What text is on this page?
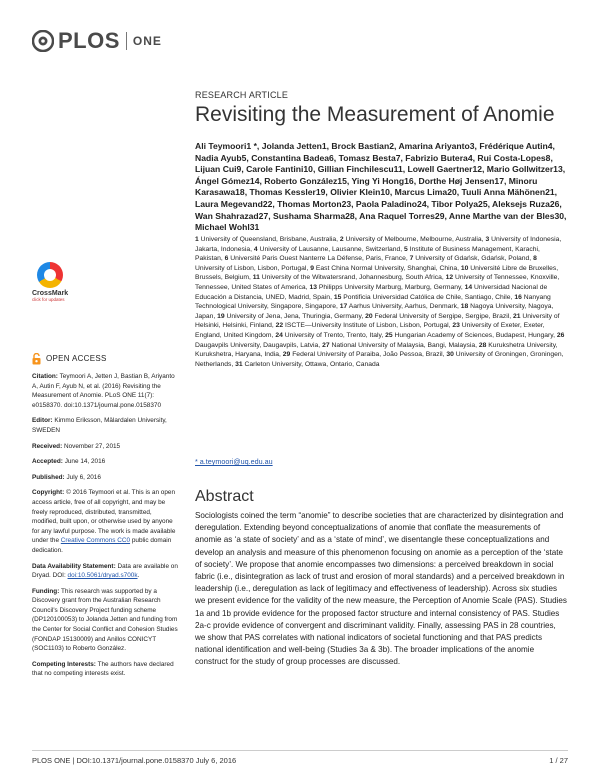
PLOS ONE
CrossMark
click for updates
OPEN ACCESS

Citation: Teymoori A, Jetten J, Bastian B, Ariyanto A, Autin F, Ayub N, et al. (2016) Revisiting the Measurement of Anomie. PLoS ONE 11(7): e0158370. doi:10.1371/journal.pone.0158370

Editor: Kimmo Eriksson, Mälardalen University, SWEDEN

Received: November 27, 2015

Accepted: June 14, 2016

Published: July 6, 2016

Copyright: © 2016 Teymoori et al. This is an open access article, free of all copyright, and may be freely reproduced, distributed, transmitted, modified, built upon, or otherwise used by anyone for any lawful purpose. The work is made available under the Creative Commons CC0 public domain dedication.

Data Availability Statement: Data are available on Dryad. DOI: doi:10.5061/dryad.s700k.

Funding: This research was supported by a Discovery grant from the Australian Research Council's Discovery Project funding scheme (DP120100053) to Jolanda Jetten and funding from the Center for Social Conflict and Cohesion Studies (FONDAP 15130009) and Anillos CONICYT (SOC1103) to Roberto González.

Competing Interests: The authors have declared that no competing interests exist.

RESEARCH ARTICLE
Revisiting the Measurement of Anomie
Ali Teymoori1 *, Jolanda Jetten1, Brock Bastian2, Amarina Ariyanto3, Frédérique Autin4, Nadia Ayub5, Constantina Badea6, Tomasz Besta7, Fabrizio Butera4, Rui Costa-Lopes8, Lijuan Cui9, Carole Fantini10, Gillian Finchilescu11, Lowell Gaertner12, Mario Gollwitzer13, Ángel Gómez14, Roberto González15, Ying Yi Hong16, Dorthe Høj Jensen17, Minoru Karasawa18, Thomas Kessler19, Olivier Klein10, Marcus Lima20, Tuuli Anna Mähönen21, Laura Megevand22, Thomas Morton23, Paola Paladino24, Tibor Polya25, Aleksejs Ruza26, Wan Shahrazad27, Sushama Sharma28, Ana Raquel Torres29, Anne Marthe van der Bles30, Michael Wohl31
1 University of Queensland, Brisbane, Australia, 2 University of Melbourne, Melbourne, Australia, 3 University of Indonesia, Jakarta, Indonesia, 4 University of Lausanne, Lausanne, Switzerland, 5 Institute of Business Management, Karachi, Pakistan, 6 Université Paris Ouest Nanterre La Défense, Paris, France, 7 University of Gdańsk, Gdańsk, Poland, 8 University of Lisbon, Lisbon, Portugal, 9 East China Normal University, Shanghai, China, 10 Université Libre de Bruxelles, Brussels, Belgium, 11 University of the Witwatersrand, Johannesburg, South Africa, 12 University of Tennessee, Knoxville, Tennessee, United States of America, 13 Philipps University Marburg, Marburg, Germany, 14 Universidad Nacional de Educación a Distancia, UNED, Madrid, Spain, 15 Pontificia Universidad Católica de Chile, Santiago, Chile, 16 Nanyang Technological University, Singapore, Singapore, 17 Aarhus University, Aarhus, Denmark, 18 Nagoya University, Nagoya, Japan, 19 University of Jena, Jena, Thuringia, Germany, 20 Federal University of Sergipe, Sergipe, Brazil, 21 University of Helsinki, Helsinki, Finland, 22 ISCTE—University Institute of Lisbon, Lisbon, Portugal, 23 University of Exeter, Exeter, England, United Kingdom, 24 University of Trento, Trento, Italy, 25 Hungarian Academy of Sciences, Budapest, Hungary, 26 Daugavpils University, Daugavpils, Latvia, 27 National University of Malaysia, Bangi, Malaysia, 28 Kurukshetra University, Kurukshetra, Haryana, India, 29 Federal University of Paraiba, João Pessoa, Brazil, 30 University of Groningen, Groningen, Netherlands, 31 Carleton University, Ottawa, Ontario, Canada
* a.teymoori@uq.edu.au
Abstract
Sociologists coined the term “anomie” to describe societies that are characterized by disintegration and deregulation. Extending beyond conceptualizations of anomie that conflate the measurements of anomie as ‘a state of society’ and as a ‘state of mind’, we disentangle these conceptualizations and develop an analysis and measure of this phenomenon focusing on anomie as a perception of the ‘state of society’. We propose that anomie encompasses two dimensions: a perceived breakdown in social fabric (i.e., disintegration as lack of trust and erosion of moral standards) and a perceived breakdown in leadership (i.e., deregulation as lack of legitimacy and effectiveness of leadership). Across six studies we present evidence for the validity of the new measure, the Perception of Anomie Scale (PAS). Studies 1a and 1b provide evidence for the proposed factor structure and internal consistency of PAS. Studies 2a-c provide evidence of convergent and discriminant validity. Finally, assessing PAS in 28 countries, we show that PAS correlates with national indicators of societal functioning and that PAS predicts national identification and well-being (Studies 3a & 3b). The broader implications of the anomie construct for the study of group processes are discussed.
PLOS ONE | DOI:10.1371/journal.pone.0158370 July 6, 2016	1 / 27
